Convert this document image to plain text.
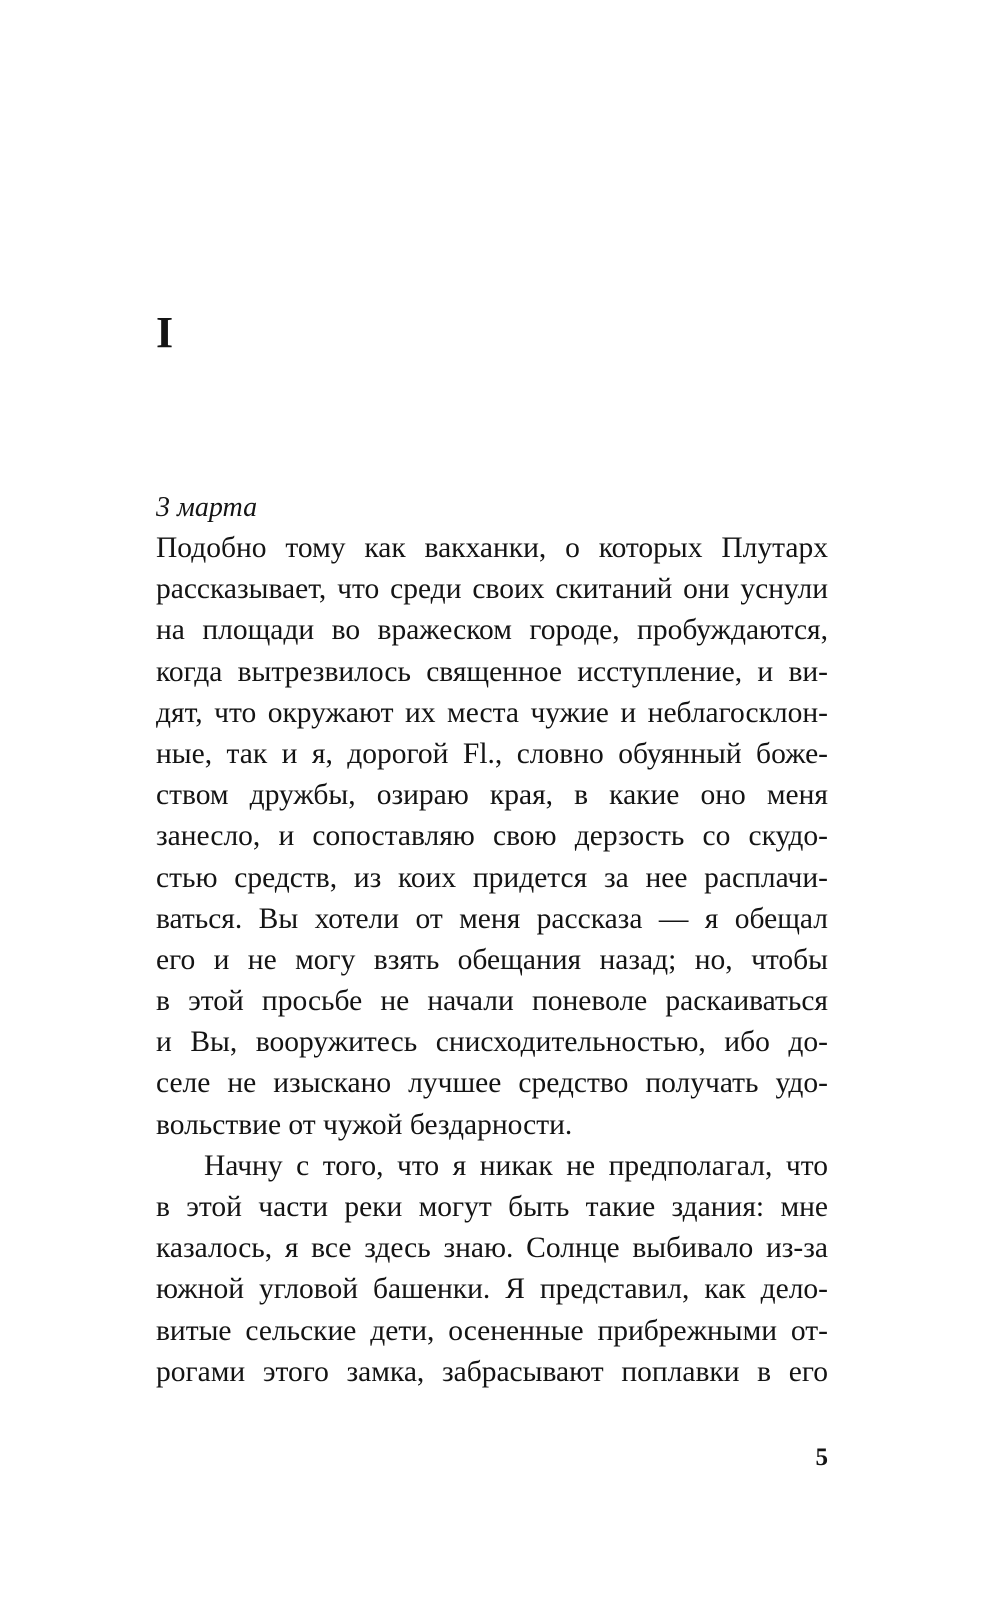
I

3 марта

Подобно тому как вакханки, о которых Плутарх
рассказывает, что среди своих скитаний они уснули
на площади во вражеском городе, пробуждаются,
когда вытрезвилось священное исступление, и ви-
дят, что окружают их места чужие и неблагосклон-
ные, так и я, дорогой Fl., словно обуянный боже-
ством дружбы, озираю края, в какие оно меня
занесло, и сопоставляю свою дерзость со скудо-
стью средств, из коих придется за нее расплачи-
ваться. Вы хотели от меня рассказа — я обещал
его и не могу взять обещания назад; но, чтобы
в этой просьбе не начали поневоле раскаиваться
и Вы, вооружитесь снисходительностью, ибо до-
селе не изыскано лучшее средство получать удо-
вольствие от чужой бездарности.
Начну с того, что я никак не предполагал, что
в этой части реки могут быть такие здания: мне
казалось, я все здесь знаю. Солнце выбивало из-за
южной угловой башенки. Я представил, как дело-
витые сельские дети, осененные прибрежными от-
рогами этого замка, забрасывают поплавки в его

5
